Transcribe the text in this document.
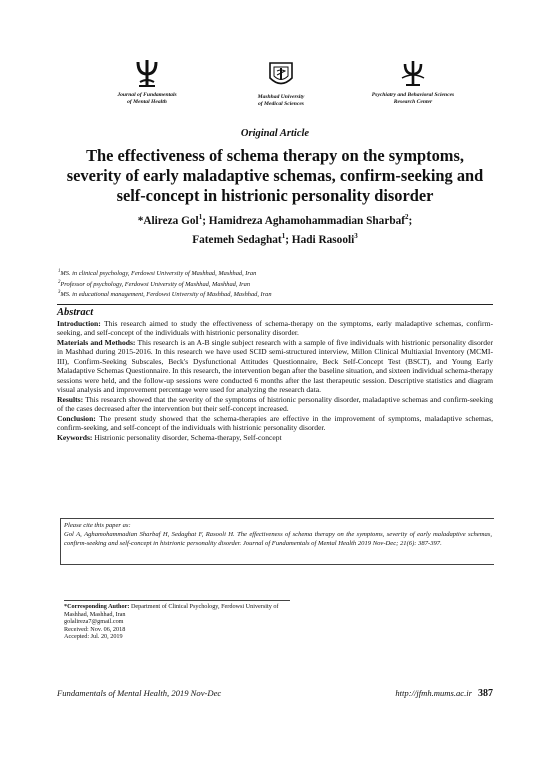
Journal of Fundamentals
of Mental Health
Mashhad University
of Medical Sciences
Psychiatry and Behavioral Sciences
Research Center
Original Article
The effectiveness of schema therapy on the symptoms, severity of early maladaptive schemas, confirm-seeking and self-concept in histrionic personality disorder
*Alireza Gol$^1$; Hamidreza Aghamohammadian Sharbaf$^2$;
Fatemeh Sedaghat$^1$; Hadi Rasooli$^3$
$^1$MS. in clinical psychology, Ferdowsi University of Mashhad, Mashhad, Iran
$^2$Professor of psychology, Ferdowsi University of Mashhad, Mashhad, Iran
$^3$MS. in educational management, Ferdowsi University of Mashhad, Mashhad, Iran
Abstract

Introduction: This research aimed to study the effectiveness of schema-therapy on the symptoms, early maladaptive schemas, confirm-seeking, and self-concept of the individuals with histrionic personality disorder.

Materials and Methods: This research is an A-B single subject research with a sample of five individuals with histrionic personality disorder in Mashhad during 2015-2016. In this research we have used SCID semi-structured interview, Millon Clinical Multiaxial Inventory (MCMI-III), Confirm-Seeking Subscales, Beck's Dysfunctional Attitudes Questionnaire, Beck Self-Concept Test (BSCT), and Young Early Maladaptive Schemas Questionnaire. In this research, the intervention began after the baseline situation, and sixteen individual schema-therapy sessions were held, and the follow-up sessions were conducted 6 months after the last therapeutic session. Descriptive statistics and diagram visual analysis and improvement percentage were used for analyzing the research data.

Results: This research showed that the severity of the symptoms of histrionic personality disorder, maladaptive schemas and confirm-seeking of the cases decreased after the intervention but their self-concept increased.

Conclusion: The present study showed that the schema-therapies are effective in the improvement of symptoms, maladaptive schemas, confirm-seeking, and self-concept of the individuals with histrionic personality disorder.

Keywords: Histrionic personality disorder, Schema-therapy, Self-concept

Please cite this paper as:
Gol A, Aghamohammadian Sharbaf H, Sedaghat F, Rasooli H. The effectiveness of schema therapy on the symptoms, severity of early maladaptive schemas, confirm-seeking and self-concept in histrionic personality disorder. Journal of Fundamentals of Mental Health 2019 Nov-Dec; 21(6): 387-397.
*Corresponding Author: Department of Clinical Psychology, Ferdowsi University of Mashhad, Mashhad, Iran
golalireza7@gmail.com
Received: Nov. 06, 2018
Accepted: Jul. 20, 2019
Fundamentals of Mental Health, 2019 Nov-Dec	http://jfmh.mums.ac.ir 387
